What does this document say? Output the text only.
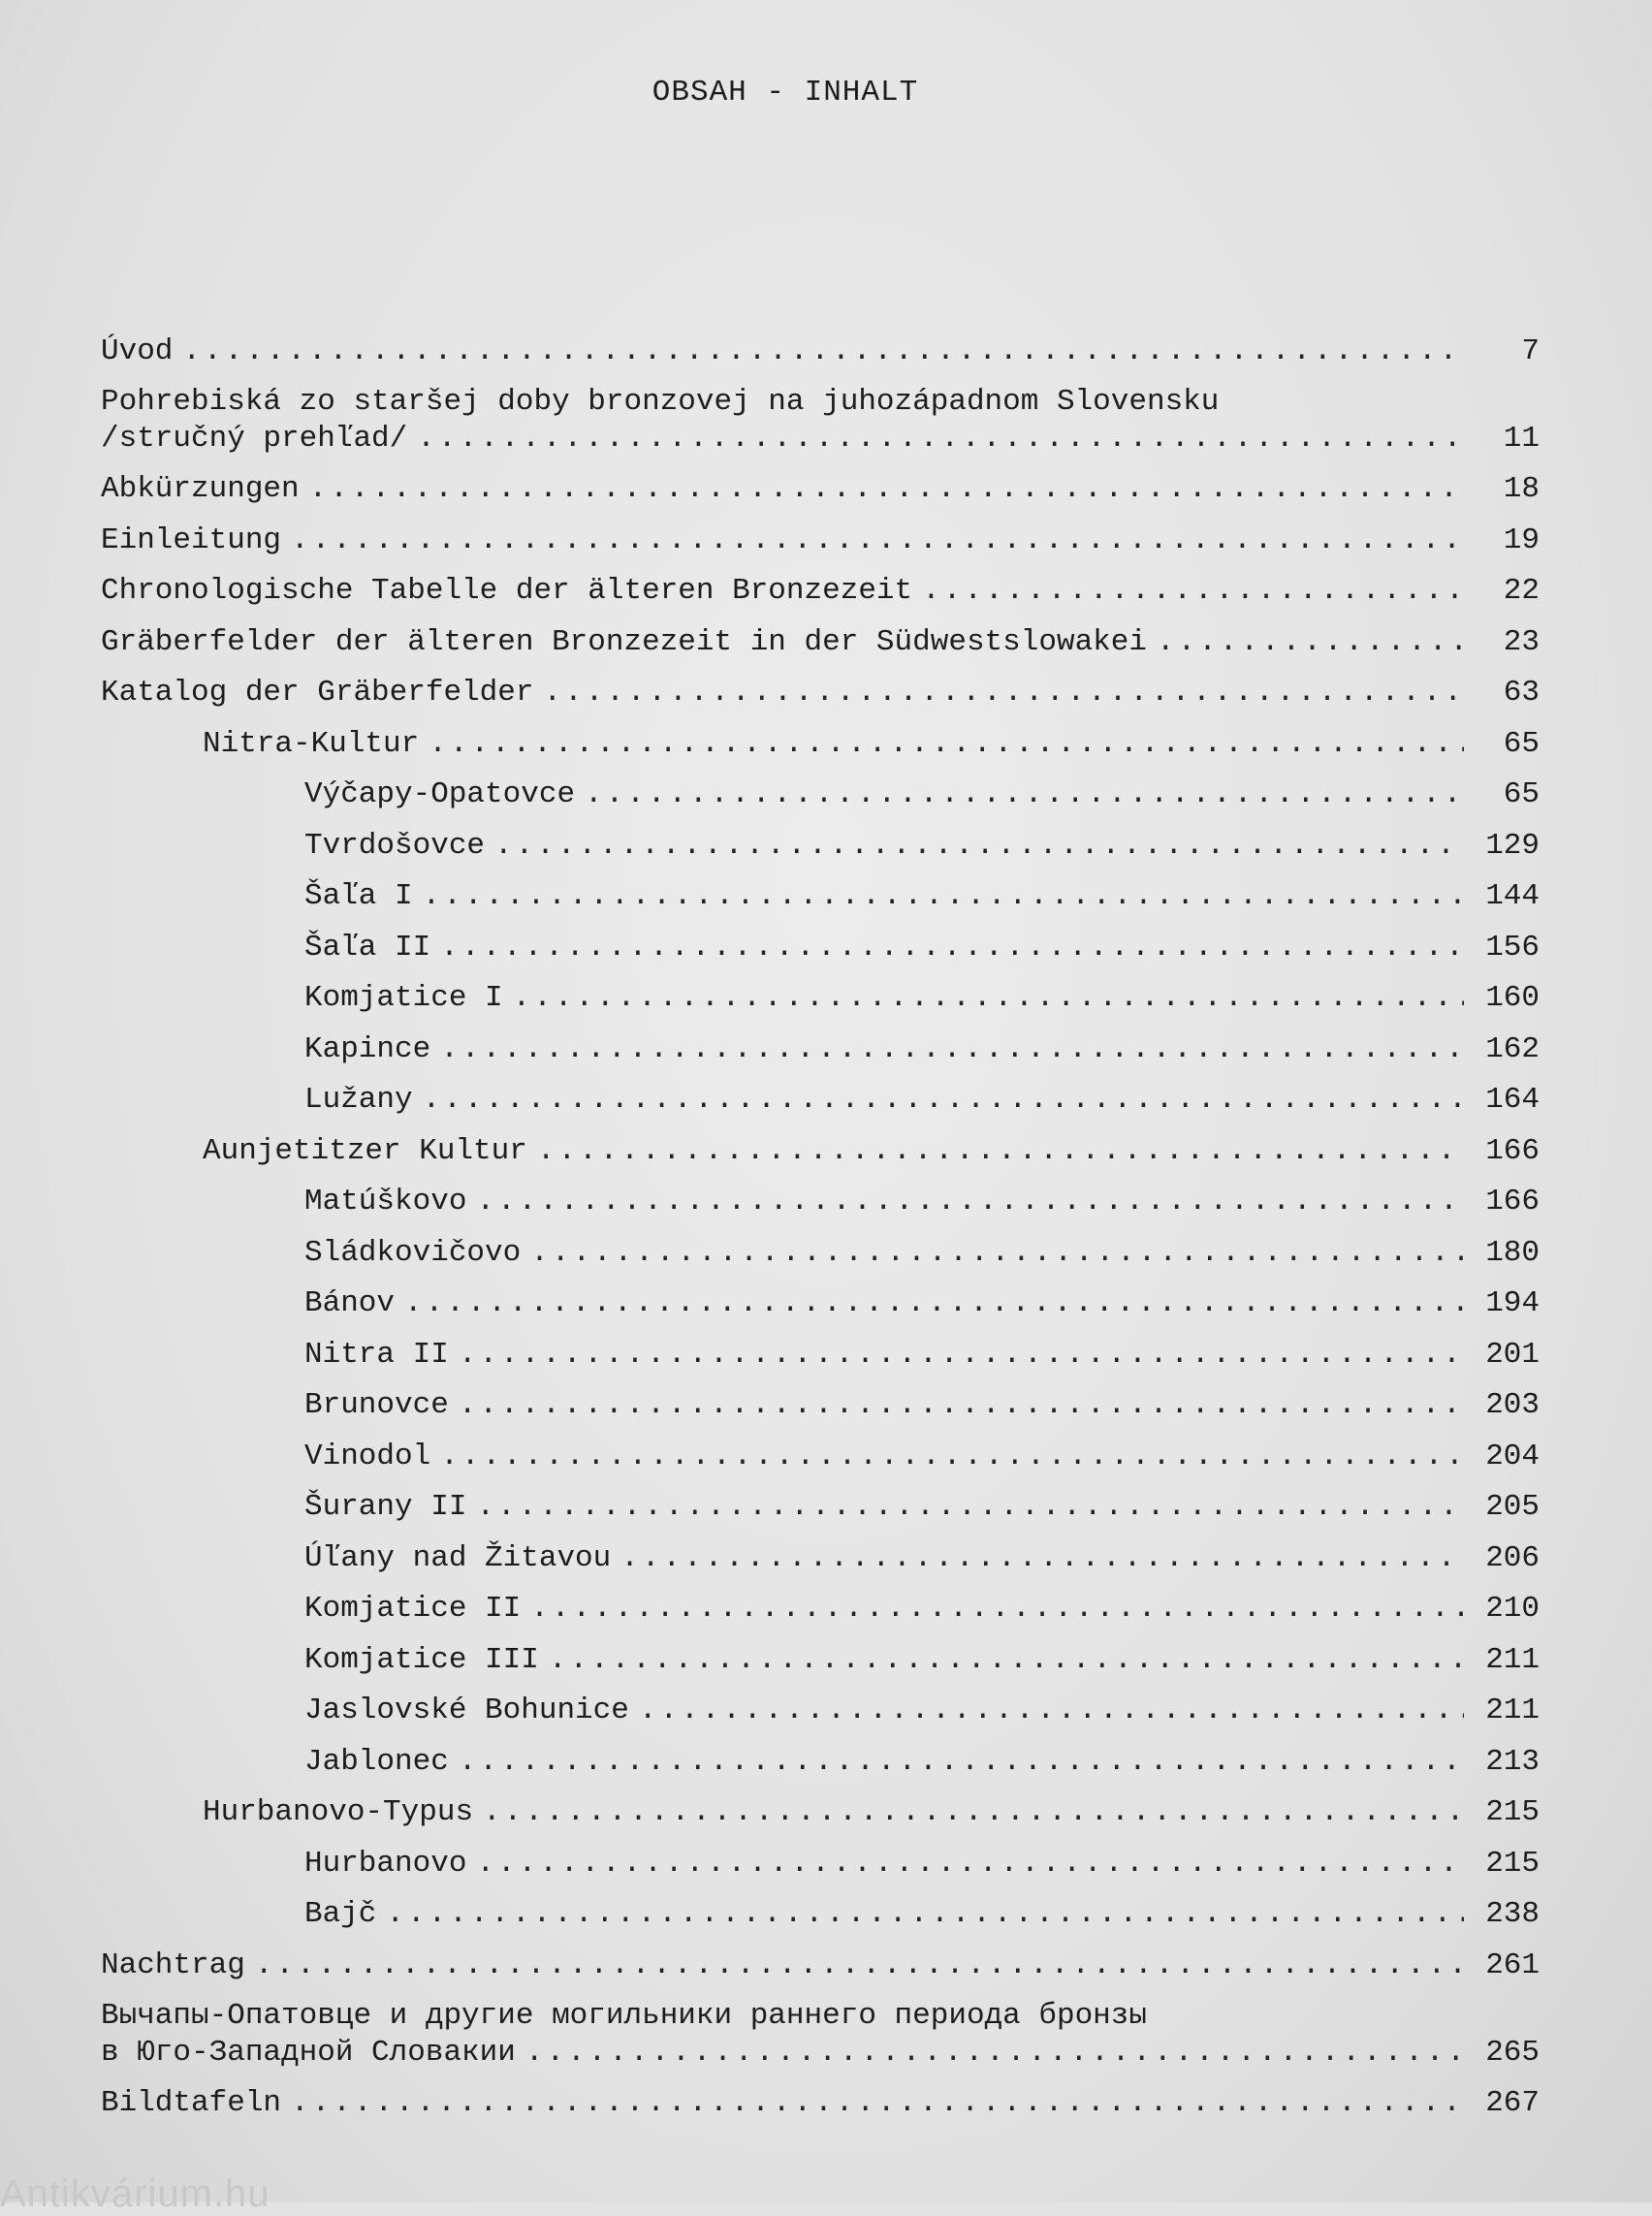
OBSAH - INHALT
Úvod .....	7
Pohrebiská zo staršej doby bronzovej na juhozápadnom Slovensku
/stručný prehľad/ .....	11
Abkürzungen .....	18
Einleitung .....	19
Chronologische Tabelle der älteren Bronzezeit .....	22
Gräberfelder der älteren Bronzezeit in der Südwestslowakei .....	23
Katalog der Gräberfelder .....	63
Nitra-Kultur .....	65
Výčapy-Opatovce .....	65
Tvrdošovce .....	129
Šaľa I .....	144
Šaľa II .....	156
Komjatice I .....	160
Kapince .....	162
Lužany .....	164
Aunjetitzer Kultur .....	166
Matúškovo .....	166
Sládkovičovo .....	180
Bánov .....	194
Nitra II .....	201
Brunovce .....	203
Vinodol .....	204
Šurany II .....	205
Úľany nad Žitavou .....	206
Komjatice II .....	210
Komjatice III .....	211
Jaslovské Bohunice .....	211
Jablonec .....	213
Hurbanovo-Typus .....	215
Hurbanovo .....	215
Bajč .....	238
Nachtrag .....	261
Вычапы-Опатовце и другие могильники раннего периода бронзы
в Юго-Западной Словакии .....	265
Bildtafeln .....	267
Antikvárium.hu
